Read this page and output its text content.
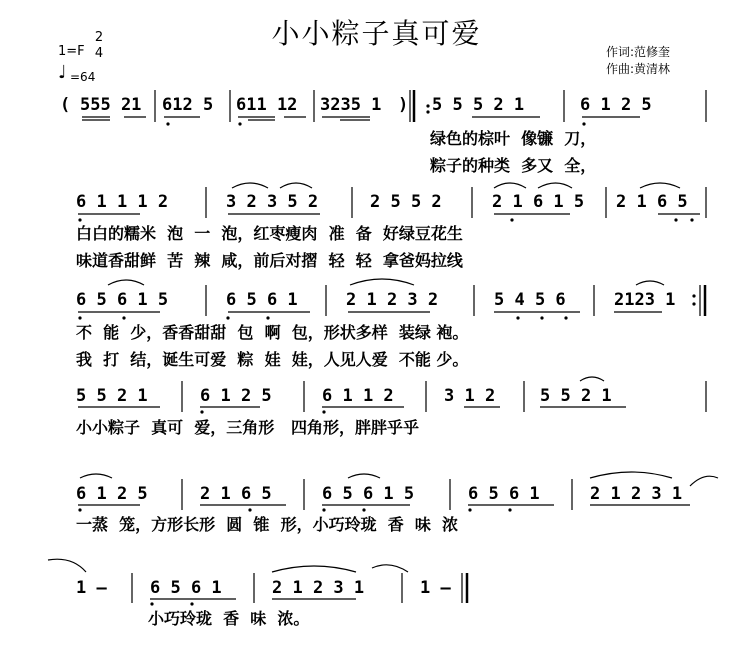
小小粽子真可爱
1=F
2
4
♩ =64
作词:范修奎
作曲:黄清林
( 555 21 612 5 611 12 3235 1 ) 5 5 5 2 1	6 1 2 5
绿色的棕叶  像镰  刀，
粽子的种类  多又  全，
6 1 1 1 2	3 2 3 5 2	2 5 5 2	2 1 6 1 5 2 1 6 5
白白的糯米  泡  一  泡，红枣瘦肉  准  备  好绿豆花生
味道香甜鲜  苦  辣  咸，前后对摺  轻  轻  拿爸妈拉线
6 5 6 1 5	6 5 6 1	2 1 2 3 2	5 4 5 6	2123 1
不  能  少，香香甜甜  包  啊  包，形状多样  装绿 袍。
我  打  结，诞生可爱  粽  娃  娃，人见人爱  不能 少。
5 5 2 1	6 1 2 5	6 1 1 2	3 1 2	5 5 2 1
小小粽子  真可  爱，三角形   四角形，胖胖乎乎
6 1 2 5	2 1 6 5	6 5 6 1 5	6 5 6 1	2 1 2 3 1
一蒸  笼，方形长形  圆  锥  形，小巧玲珑  香  味  浓
1 –	6 5 6 1	2 1 2 3 1	1 –
小巧玲珑  香  味  浓。
